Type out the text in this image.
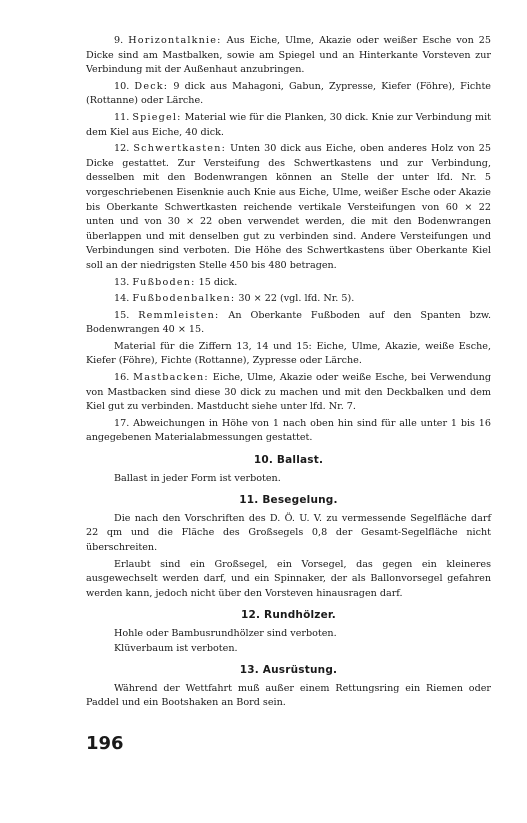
9. Horizontalknie: Aus Eiche, Ulme, Akazie oder weißer Esche von 25 Dicke sind am Mastbalken, sowie am Spiegel und an Hinterkante Vorsteven zur Verbindung mit der Außenhaut anzubringen.

10. Deck: 9 dick aus Mahagoni, Gabun, Zypresse, Kiefer (Föhre), Fichte (Rottanne) oder Lärche.

11. Spiegel: Material wie für die Planken, 30 dick. Knie zur Verbindung mit dem Kiel aus Eiche, 40 dick.

12. Schwertkasten: Unten 30 dick aus Eiche, oben anderes Holz von 25 Dicke gestattet. Zur Versteifung des Schwertkastens und zur Verbindung, desselben mit den Bodenwrangen können an Stelle der unter lfd. Nr. 5 vorgeschriebenen Eisenknie auch Knie aus Eiche, Ulme, weißer Esche oder Akazie bis Oberkante Schwertkasten reichende vertikale Versteifungen von 60 × 22 unten und von 30 × 22 oben verwendet werden, die mit den Bodenwrangen überlappen und mit denselben gut zu verbinden sind. Andere Versteifungen und Verbindungen sind verboten. Die Höhe des Schwertkastens über Oberkante Kiel soll an der niedrigsten Stelle 450 bis 480 betragen.

13. Fußboden: 15 dick.

14. Fußbodenbalken: 30 × 22 (vgl. lfd. Nr. 5).

15. Remmleisten: An Oberkante Fußboden auf den Spanten bzw. Bodenwrangen 40 × 15.

Material für die Ziffern 13, 14 und 15: Eiche, Ulme, Akazie, weiße Esche, Kiefer (Föhre), Fichte (Rottanne), Zypresse oder Lärche.

16. Mastbacken: Eiche, Ulme, Akazie oder weiße Esche, bei Verwendung von Mastbacken sind diese 30 dick zu machen und mit den Deckbalken und dem Kiel gut zu verbinden. Mastducht siehe unter lfd. Nr. 7.

17. Abweichungen in Höhe von 1 nach oben hin sind für alle unter 1 bis 16 angegebenen Materialabmessungen gestattet.

10. Ballast.

Ballast in jeder Form ist verboten.

11. Besegelung.

Die nach den Vorschriften des D. Ö. U. V. zu vermessende Segelfläche darf 22 qm und die Fläche des Großsegels 0,8 der Gesamt-Segelfläche nicht überschreiten.

Erlaubt sind ein Großsegel, ein Vorsegel, das gegen ein kleineres ausgewechselt werden darf, und ein Spinnaker, der als Ballonvorsegel gefahren werden kann, jedoch nicht über den Vorsteven hinausragen darf.

12. Rundhölzer.

Hohle oder Bambusrundhölzer sind verboten.
Klüverbaum ist verboten.

13. Ausrüstung.

Während der Wettfahrt muß außer einem Rettungsring ein Riemen oder Paddel und ein Bootshaken an Bord sein.

196
